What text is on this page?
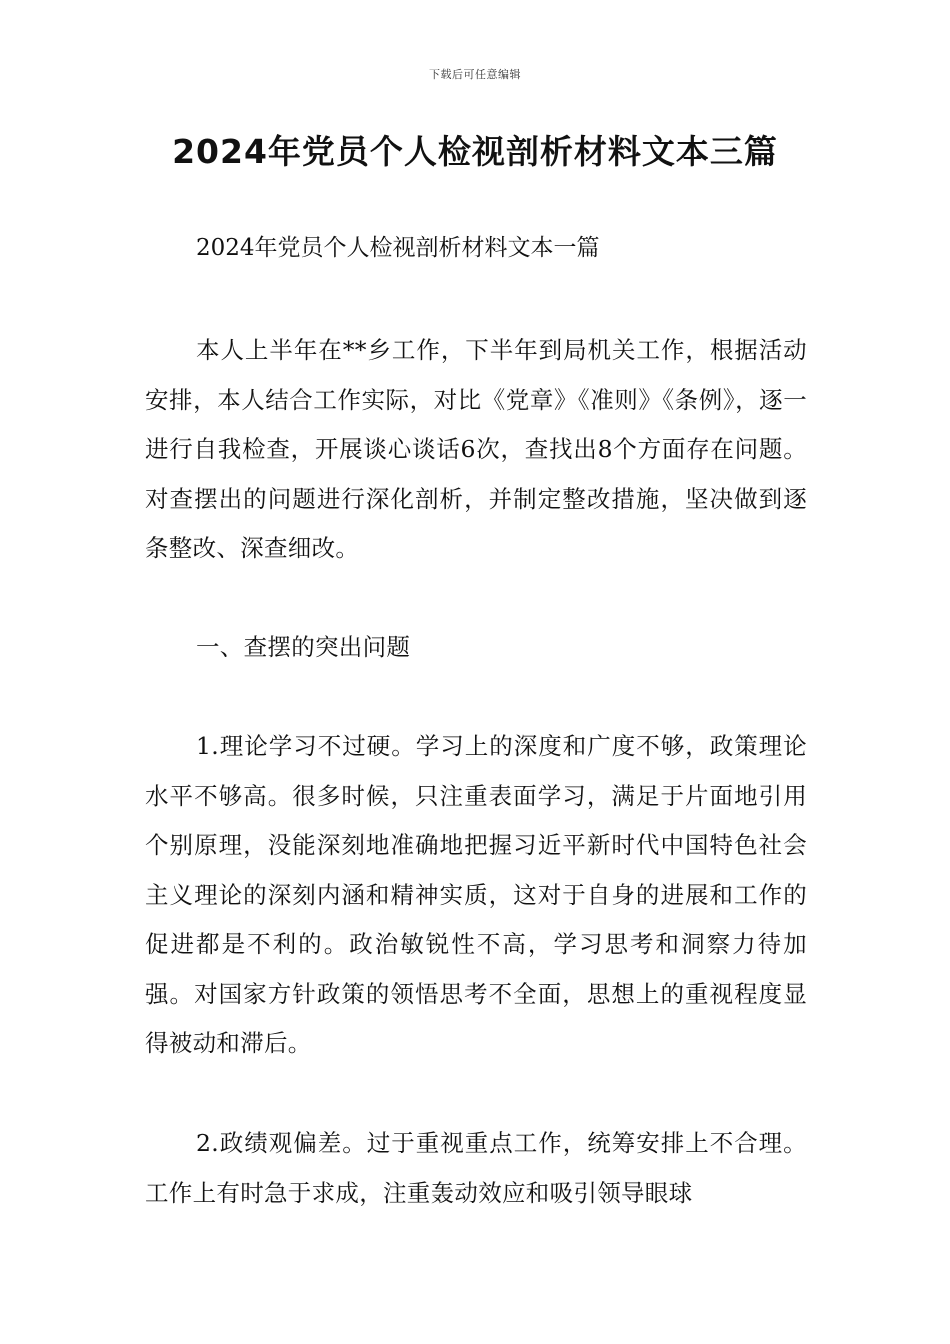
下载后可任意编辑
2024年党员个人检视剖析材料文本三篇

2024年党员个人检视剖析材料文本一篇

本人上半年在**乡工作，下半年到局机关工作，根据活动安排，本人结合工作实际，对比《党章》《准则》《条例》，逐一进行自我检查，开展谈心谈话6次，查找出8个方面存在问题。对查摆出的问题进行深化剖析，并制定整改措施，坚决做到逐条整改、深查细改。

一、查摆的突出问题

1.理论学习不过硬。学习上的深度和广度不够，政策理论水平不够高。很多时候，只注重表面学习，满足于片面地引用个别原理，没能深刻地准确地把握习近平新时代中国特色社会主义理论的深刻内涵和精神实质，这对于自身的进展和工作的促进都是不利的。政治敏锐性不高，学习思考和洞察力待加强。对国家方针政策的领悟思考不全面，思想上的重视程度显得被动和滞后。

2.政绩观偏差。过于重视重点工作，统筹安排上不合理。工作上有时急于求成，注重轰动效应和吸引领导眼球
